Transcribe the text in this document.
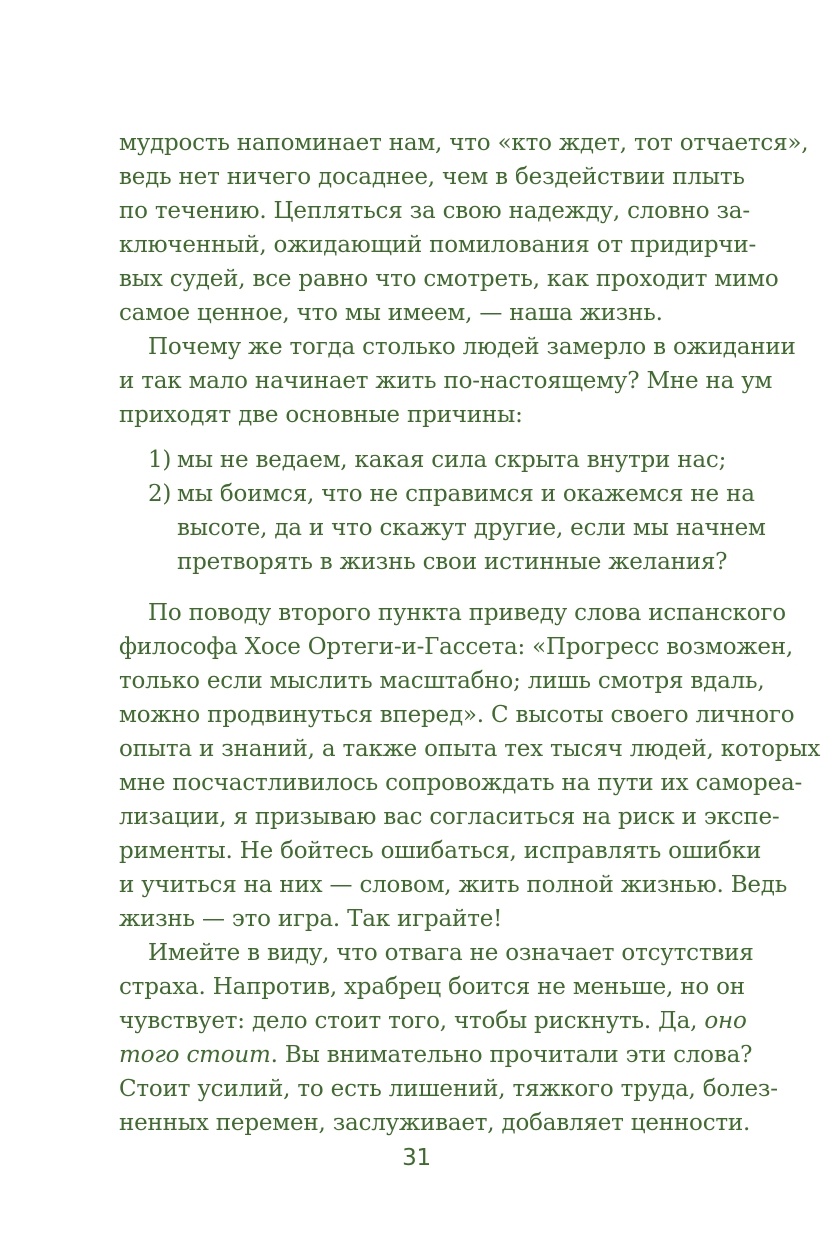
мудрость напоминает нам, что «кто ждет, тот отчается»,
ведь нет ничего досаднее, чем в бездействии плыть
по течению. Цепляться за свою надежду, словно за-
ключенный, ожидающий помилования от придирчи-
вых судей, все равно что смотреть, как проходит мимо
самое ценное, что мы имеем, — наша жизнь.
Почему же тогда столько людей замерло в ожидании
и так мало начинает жить по-настоящему? Мне на ум
приходят две основные причины:
1) мы не ведаем, какая сила скрыта внутри нас;
2) мы боимся, что не справимся и окажемся не на
высоте, да и что скажут другие, если мы начнем
претворять в жизнь свои истинные желания?
По поводу второго пункта приведу слова испанского
философа Хосе Ортеги-и-Гассета: «Прогресс возможен,
только если мыслить масштабно; лишь смотря вдаль,
можно продвинуться вперед». С высоты своего личного
опыта и знаний, а также опыта тех тысяч людей, которых
мне посчастливилось сопровождать на пути их самореа-
лизации, я призываю вас согласиться на риск и экспе-
рименты. Не бойтесь ошибаться, исправлять ошибки
и учиться на них — словом, жить полной жизнью. Ведь
жизнь — это игра. Так играйте!
Имейте в виду, что отвага не означает отсутствия
страха. Напротив, храбрец боится не меньше, но он
чувствует: дело стоит того, чтобы рискнуть. Да, оно
того стоит. Вы внимательно прочитали эти слова?
Стоит усилий, то есть лишений, тяжкого труда, болез-
ненных перемен, заслуживает, добавляет ценности.
31
